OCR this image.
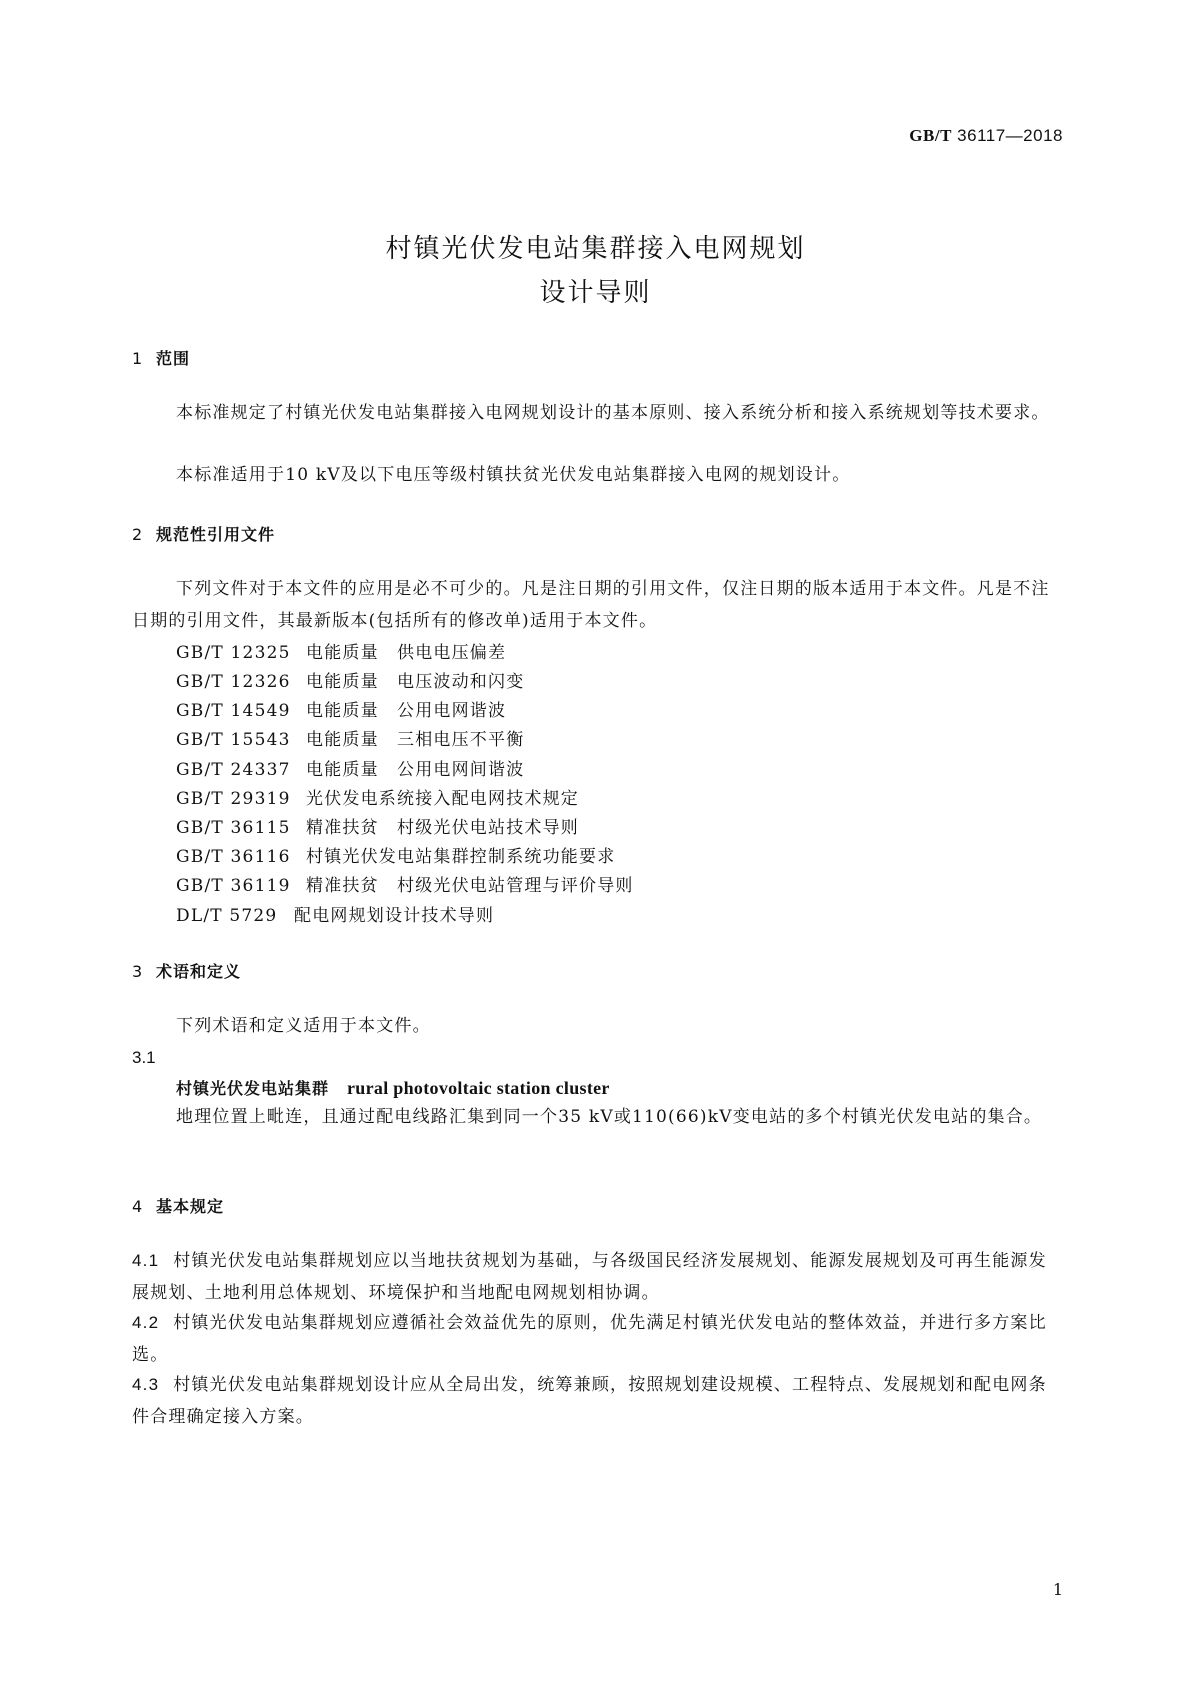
GB/T 36117—2018
村镇光伏发电站集群接入电网规划
设计导则
1 范围
本标准规定了村镇光伏发电站集群接入电网规划设计的基本原则、接入系统分析和接入系统规划等技术要求。
本标准适用于10 kV及以下电压等级村镇扶贫光伏发电站集群接入电网的规划设计。
2 规范性引用文件
下列文件对于本文件的应用是必不可少的。凡是注日期的引用文件，仅注日期的版本适用于本文件。凡是不注日期的引用文件，其最新版本(包括所有的修改单)适用于本文件。
GB/T 12325 电能质量　供电电压偏差
GB/T 12326 电能质量　电压波动和闪变
GB/T 14549 电能质量　公用电网谐波
GB/T 15543 电能质量　三相电压不平衡
GB/T 24337 电能质量　公用电网间谐波
GB/T 29319 光伏发电系统接入配电网技术规定
GB/T 36115 精准扶贫　村级光伏电站技术导则
GB/T 36116 村镇光伏发电站集群控制系统功能要求
GB/T 36119 精准扶贫　村级光伏电站管理与评价导则
DL/T 5729 配电网规划设计技术导则
3 术语和定义
下列术语和定义适用于本文件。
3.1
村镇光伏发电站集群 rural photovoltaic station cluster
地理位置上毗连，且通过配电线路汇集到同一个35 kV或110(66)kV变电站的多个村镇光伏发电站的集合。
4 基本规定
4.1 村镇光伏发电站集群规划应以当地扶贫规划为基础，与各级国民经济发展规划、能源发展规划及可再生能源发展规划、土地利用总体规划、环境保护和当地配电网规划相协调。
4.2 村镇光伏发电站集群规划应遵循社会效益优先的原则，优先满足村镇光伏发电站的整体效益，并进行多方案比选。
4.3 村镇光伏发电站集群规划设计应从全局出发，统筹兼顾，按照规划建设规模、工程特点、发展规划和配电网条件合理确定接入方案。
1
